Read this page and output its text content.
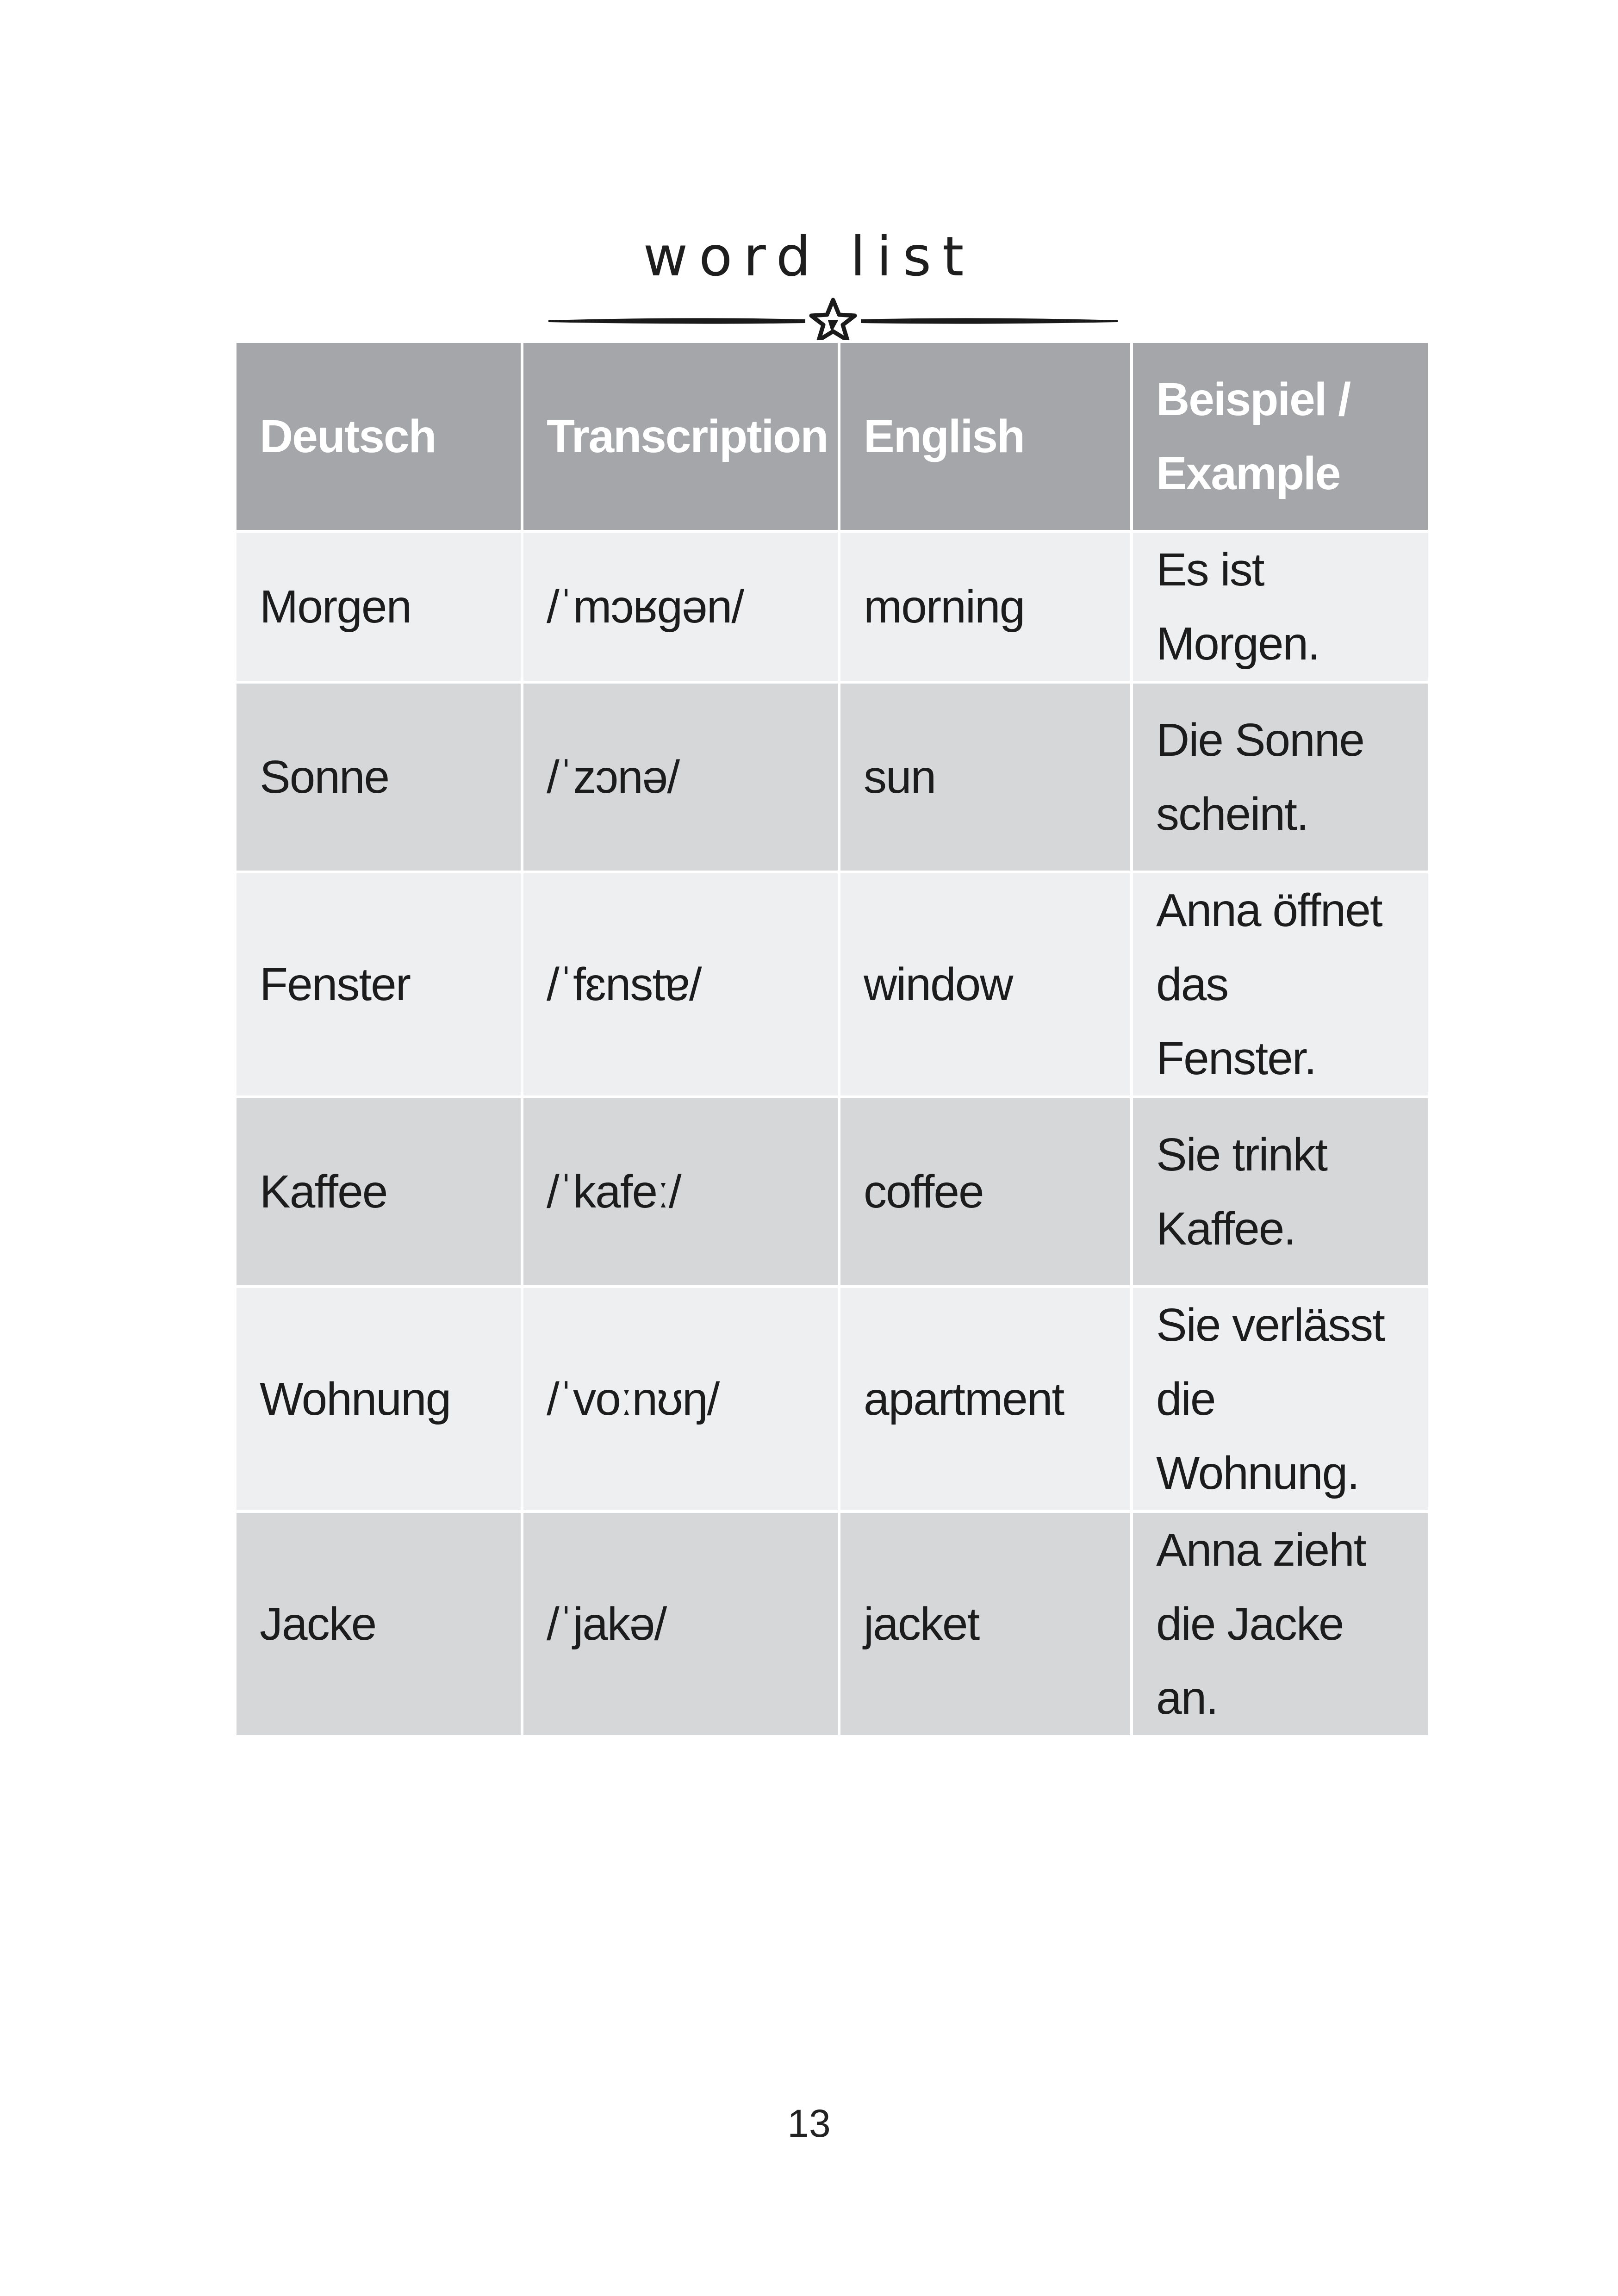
word list
Deutsch	Transcription	English	Beispiel / Example
Morgen	/ˈmɔʁgən/	morning	Es ist Morgen.
Sonne	/ˈzɔnə/	sun	Die Sonne scheint.
Fenster	/ˈfɛnstɐ/	window	Anna öffnet das Fenster.
Kaffee	/ˈkafeː/	coffee	Sie trinkt Kaffee.
Wohnung	/ˈvoːnʊŋ/	apartment	Sie verlässt die Wohnung.
Jacke	/ˈjakə/	jacket	Anna zieht die Jacke an.
13
